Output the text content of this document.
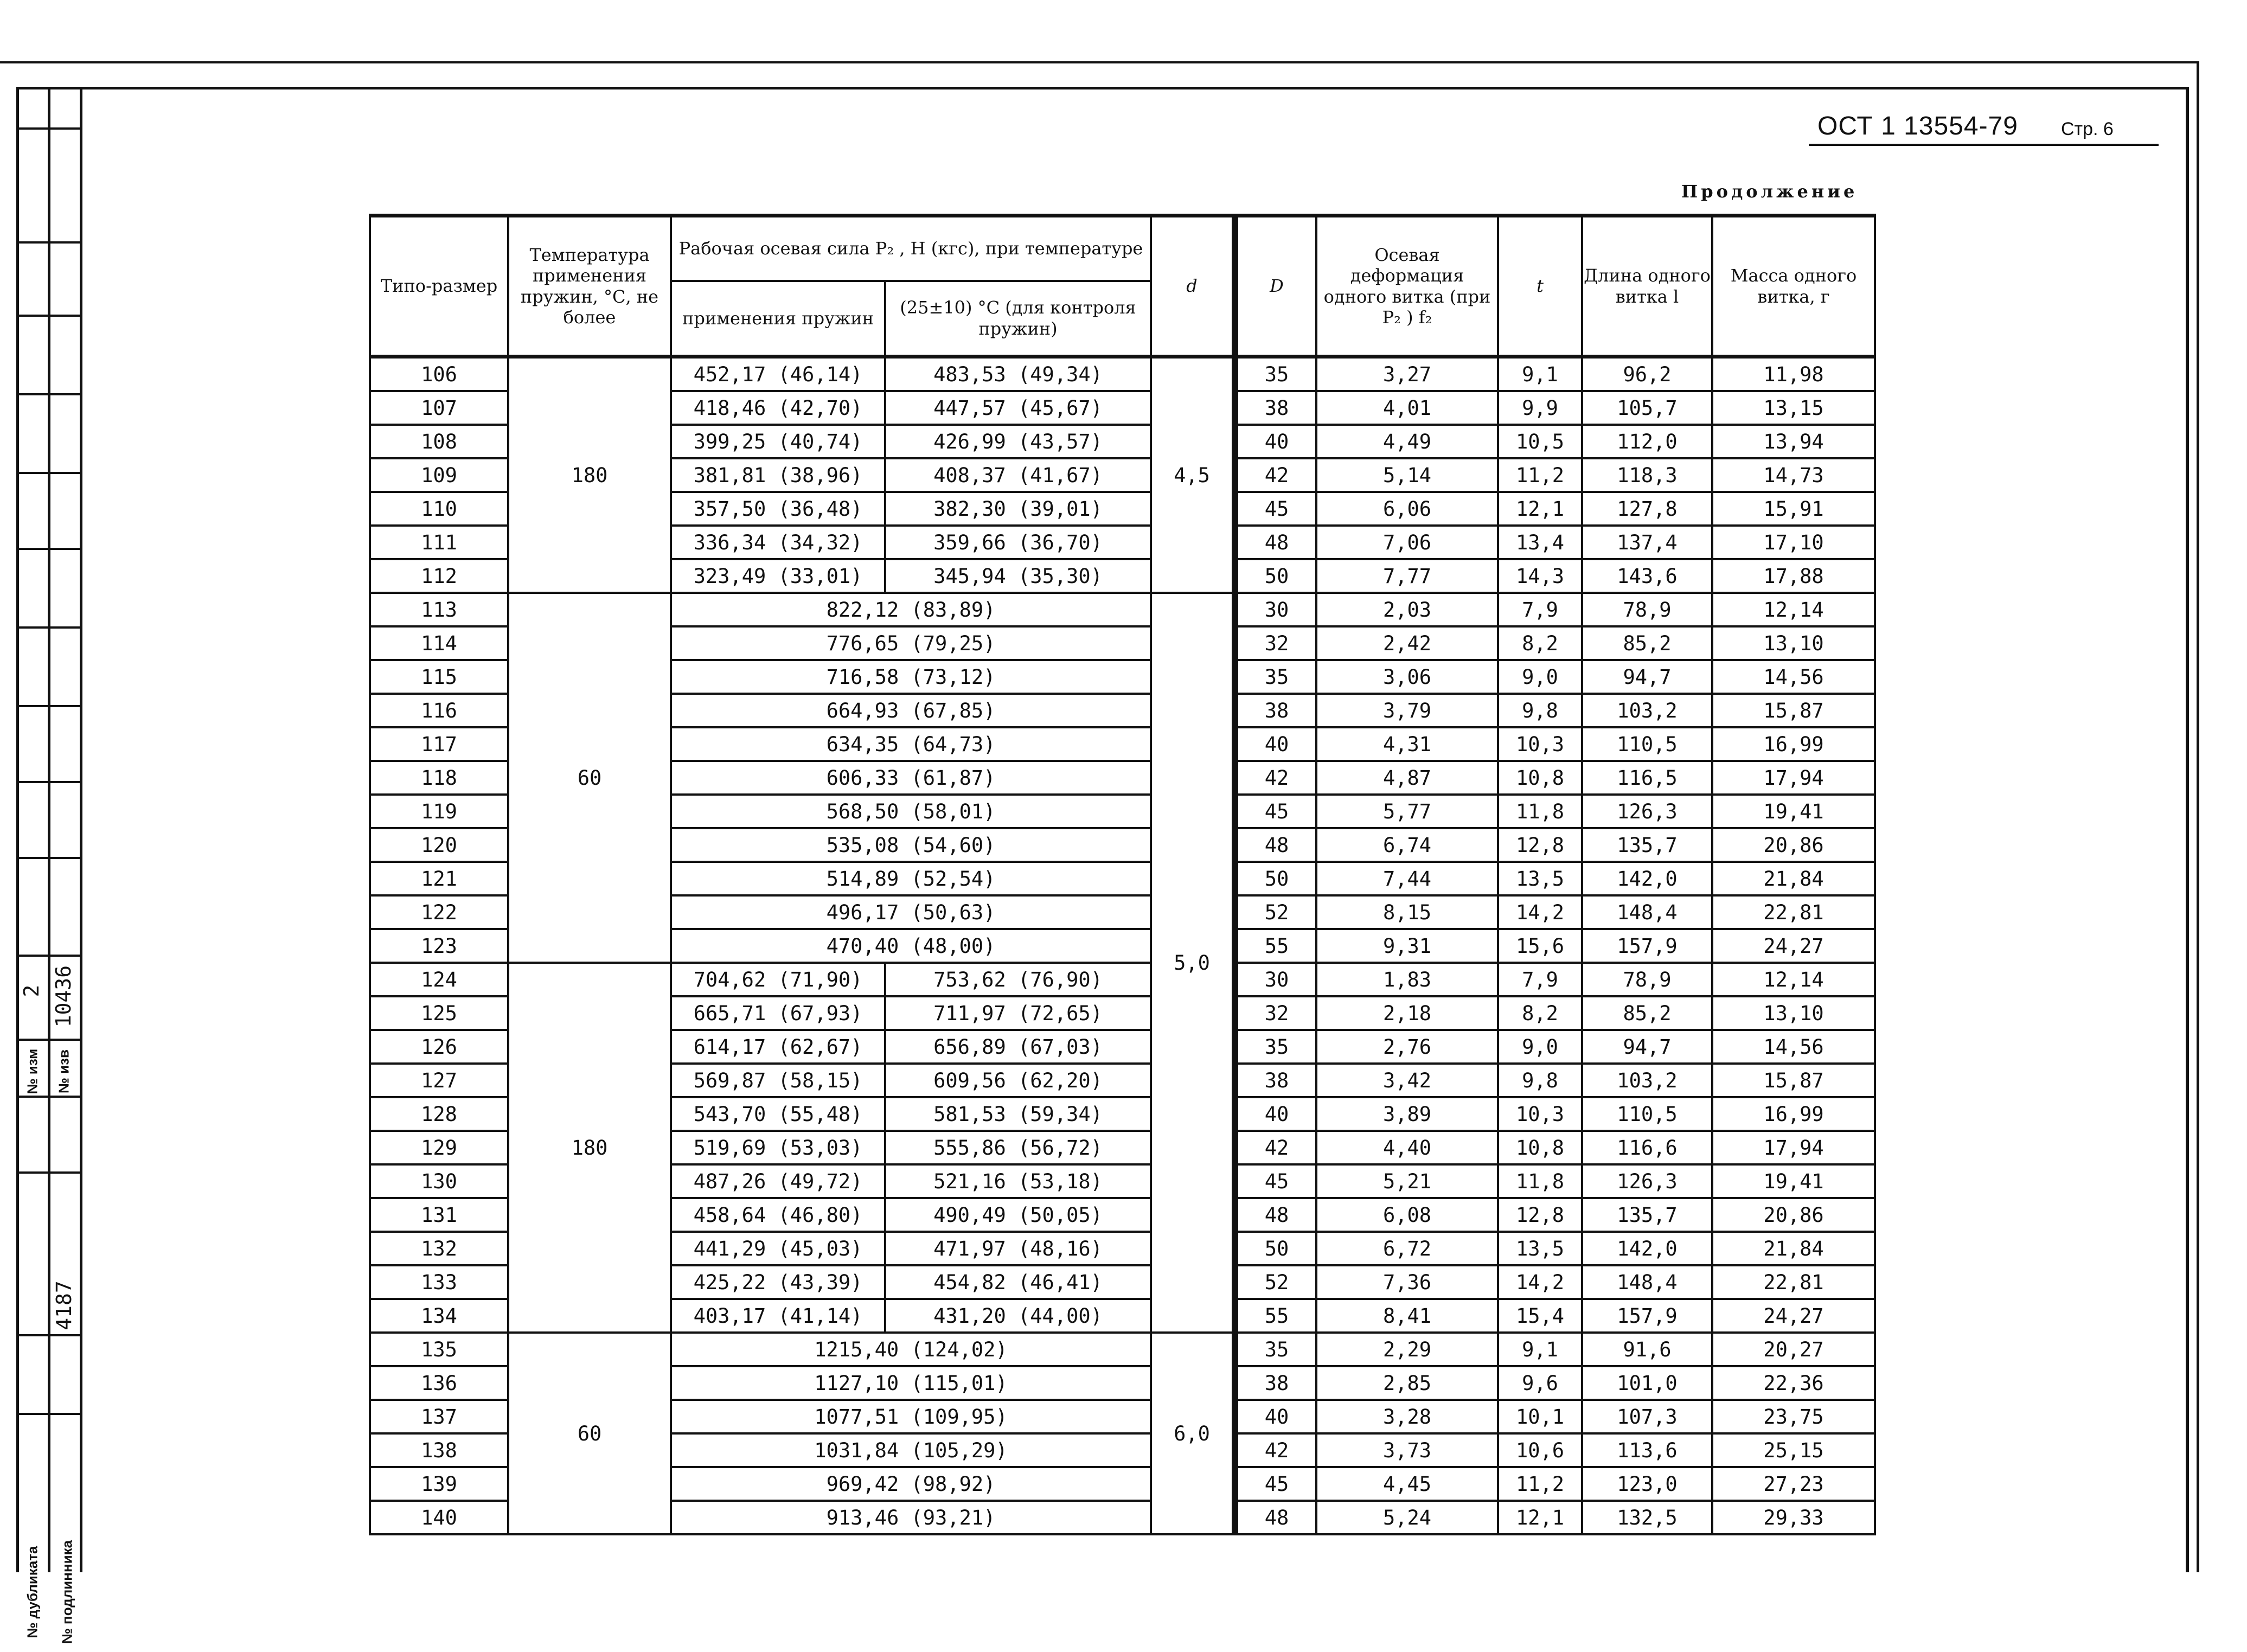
2 10436
№ изм № изв
4187
№ дубликата № подлинника
ОСТ 1 13554-79 Стр. 6
Продолжение
Типо-размер	Температура применения пружин, °С, не более	Рабочая осевая сила P₂ , Н (кгс), при температуре		d	D	Осевая деформация одного витка (при P₂ ) f₂	t	Длина одного витка l	Масса одного витка, г
		применения пружин	(25±10) °С (для контроля пружин)						
106	180	452,17 (46,14)	483,53 (49,34)	4,5	35	3,27	9,1	96,2	11,98
107		418,46 (42,70)	447,57 (45,67)		38	4,01	9,9	105,7	13,15
108		399,25 (40,74)	426,99 (43,57)		40	4,49	10,5	112,0	13,94
109		381,81 (38,96)	408,37 (41,67)		42	5,14	11,2	118,3	14,73
110		357,50 (36,48)	382,30 (39,01)		45	6,06	12,1	127,8	15,91
111		336,34 (34,32)	359,66 (36,70)		48	7,06	13,4	137,4	17,10
112		323,49 (33,01)	345,94 (35,30)		50	7,77	14,3	143,6	17,88
113	60	822,12 (83,89)		5,0	30	2,03	7,9	78,9	12,14
114		776,65 (79,25)			32	2,42	8,2	85,2	13,10
115		716,58 (73,12)			35	3,06	9,0	94,7	14,56
116		664,93 (67,85)			38	3,79	9,8	103,2	15,87
117		634,35 (64,73)			40	4,31	10,3	110,5	16,99
118		606,33 (61,87)			42	4,87	10,8	116,5	17,94
119		568,50 (58,01)			45	5,77	11,8	126,3	19,41
120		535,08 (54,60)			48	6,74	12,8	135,7	20,86
121		514,89 (52,54)			50	7,44	13,5	142,0	21,84
122		496,17 (50,63)			52	8,15	14,2	148,4	22,81
123		470,40 (48,00)			55	9,31	15,6	157,9	24,27
124	180	704,62 (71,90)	753,62 (76,90)		30	1,83	7,9	78,9	12,14
125		665,71 (67,93)	711,97 (72,65)		32	2,18	8,2	85,2	13,10
126		614,17 (62,67)	656,89 (67,03)		35	2,76	9,0	94,7	14,56
127		569,87 (58,15)	609,56 (62,20)		38	3,42	9,8	103,2	15,87
128		543,70 (55,48)	581,53 (59,34)		40	3,89	10,3	110,5	16,99
129		519,69 (53,03)	555,86 (56,72)		42	4,40	10,8	116,6	17,94
130		487,26 (49,72)	521,16 (53,18)		45	5,21	11,8	126,3	19,41
131		458,64 (46,80)	490,49 (50,05)		48	6,08	12,8	135,7	20,86
132		441,29 (45,03)	471,97 (48,16)		50	6,72	13,5	142,0	21,84
133		425,22 (43,39)	454,82 (46,41)		52	7,36	14,2	148,4	22,81
134		403,17 (41,14)	431,20 (44,00)		55	8,41	15,4	157,9	24,27
135	60	1215,40 (124,02)		6,0	35	2,29	9,1	91,6	20,27
136		1127,10 (115,01)			38	2,85	9,6	101,0	22,36
137		1077,51 (109,95)			40	3,28	10,1	107,3	23,75
138		1031,84 (105,29)			42	3,73	10,6	113,6	25,15
139		969,42 (98,92)			45	4,45	11,2	123,0	27,23
140		913,46 (93,21)			48	5,24	12,1	132,5	29,33
